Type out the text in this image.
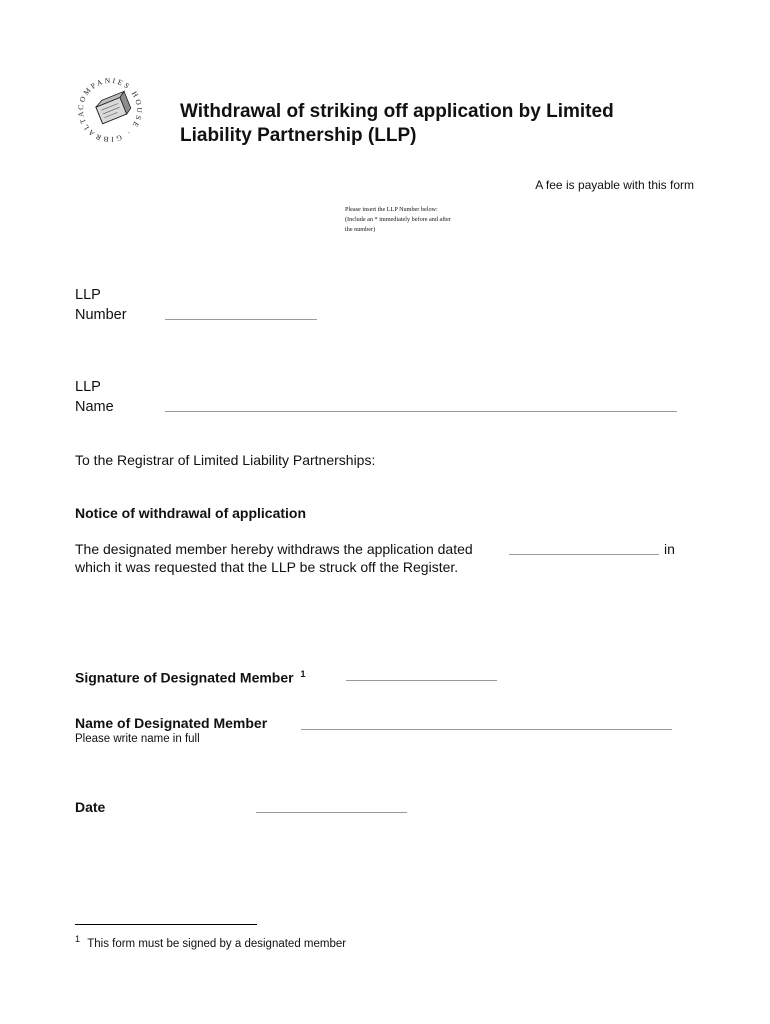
COMPANIES HOUSE · GIBRALTA	Withdrawal of striking off application by Limited
Liability Partnership (LLP)
A fee is payable with this form
Please insert the LLP Number below:
(Include an * immediately before and after
the number)
LLP
Number
LLP
Name
To the Registrar of Limited Liability Partnerships:
Notice of withdrawal of application
The designated member hereby withdraws the application dated	in
which it was requested that the LLP be struck off the Register.
Signature of Designated Member $^1$
Name of Designated Member
Please write name in full
Date
$^1$ This form must be signed by a designated member
